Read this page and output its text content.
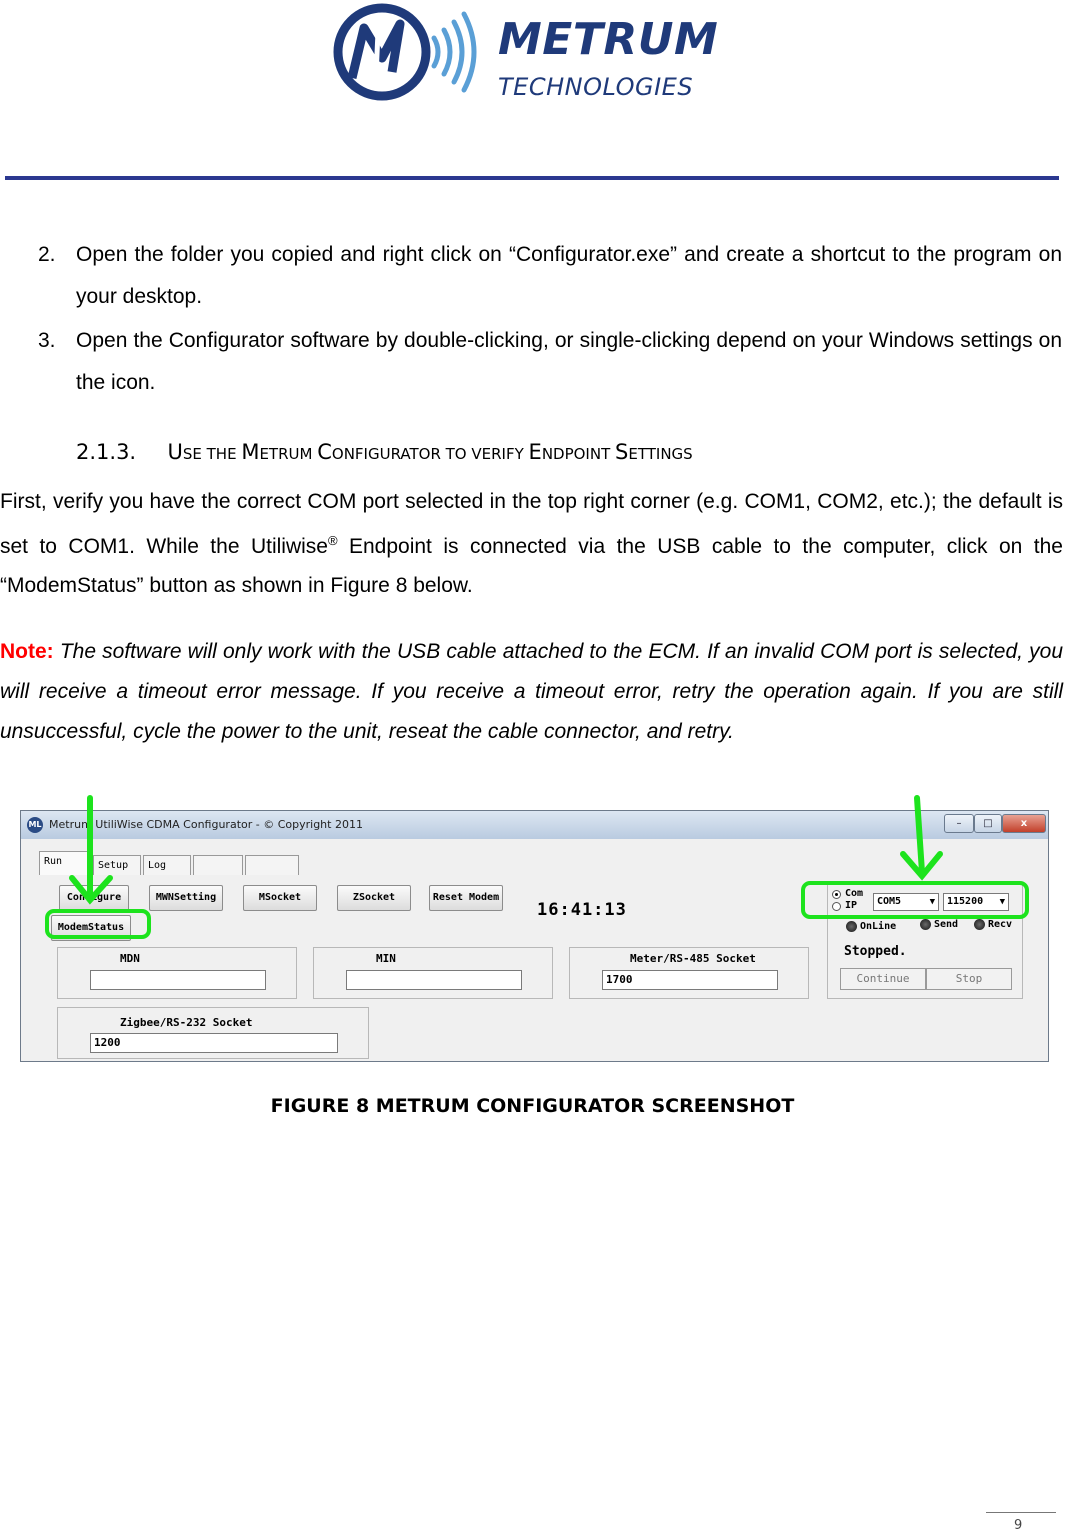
METRUM
TECHNOLOGIES
2. Open the folder you copied and right click on “Configurator.exe” and create a shortcut to the program on your desktop.
3. Open the Configurator software by double-clicking, or single-clicking depend on your Windows settings on the icon.
2.1.3. USE THE METRUM CONFIGURATOR TO VERIFY ENDPOINT SETTINGS
First, verify you have the correct COM port selected in the top right corner (e.g. COM1, COM2, etc.); the default is set to COM1. While the Utiliwise® Endpoint is connected via the USB cable to the computer, click on the “ModemStatus” button as shown in Figure 8 below.
Note: The software will only work with the USB cable attached to the ECM. If an invalid COM port is selected, you will receive a timeout error message. If you receive a timeout error, retry the operation again. If you are still unsuccessful, cycle the power to the unit, reseat the cable connector, and retry.
ML Metrum UtiliWise CDMA Configurator - © Copyright 2011	–	□	x
Run	Setup	Log
Configure	MWNSetting	MSocket	ZSocket	Reset Modem
ModemStatus
16:41:13
MDN	MIN	Meter/RS-485 Socket
1700
Zigbee/RS-232 Socket
1200
Com
IP	COM5	▼	115200 ▼
OnLine	Send	Recv
Stopped.
Continue	Stop
FIGURE 8 METRUM CONFIGURATOR SCREENSHOT
9
